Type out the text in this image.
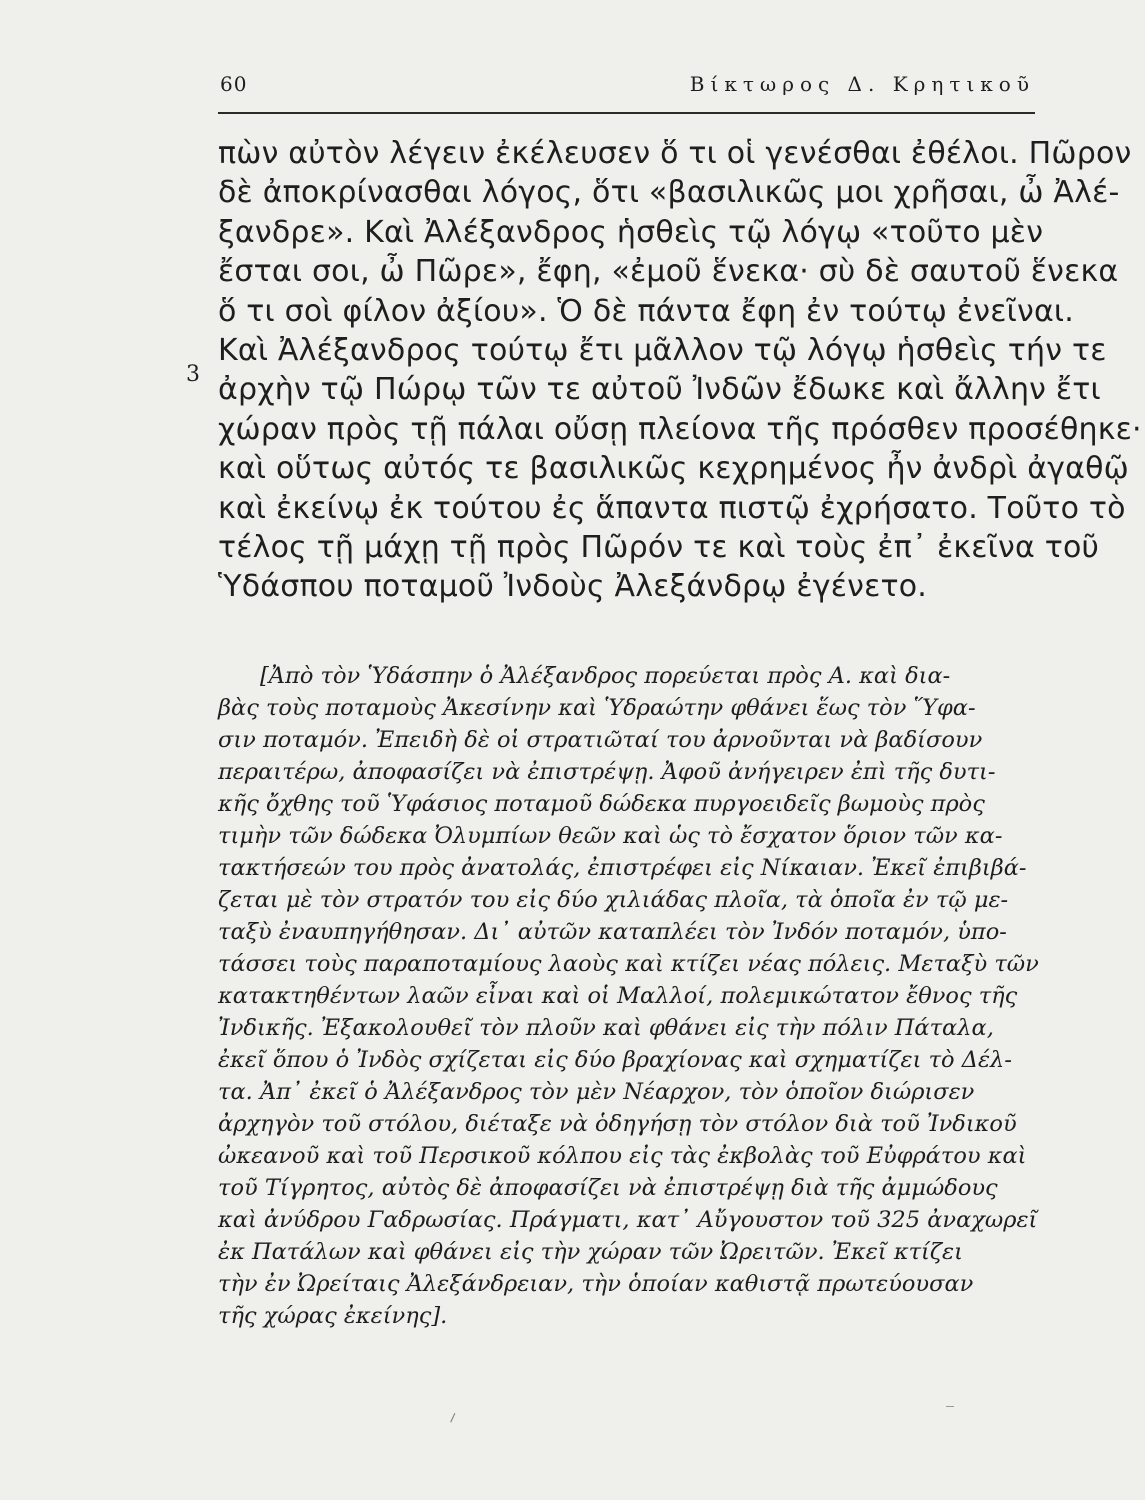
60	Βίκτωρος Δ. Κρητικοῦ
3
πὼν αὐτὸν λέγειν ἐκέλευσεν ὅ τι οἱ γενέσθαι ἐθέλοι. Πῶρον
δὲ ἀποκρίνασθαι λόγος, ὅτι «βασιλικῶς μοι χρῆσαι, ὦ Ἀλέ-
ξανδρε». Καὶ Ἀλέξανδρος ἡσθεὶς τῷ λόγῳ «τοῦτο μὲν
ἔσται σοι, ὦ Πῶρε», ἔφη, «ἐμοῦ ἕνεκα· σὺ δὲ σαυτοῦ ἕνεκα
ὅ τι σοὶ φίλον ἀξίου». Ὁ δὲ πάντα ἔφη ἐν τούτῳ ἐνεῖναι.
Καὶ Ἀλέξανδρος τούτῳ ἔτι μᾶλλον τῷ λόγῳ ἡσθεὶς τήν τε
ἀρχὴν τῷ Πώρῳ τῶν τε αὐτοῦ Ἰνδῶν ἔδωκε καὶ ἄλλην ἔτι
χώραν πρὸς τῇ πάλαι οὔσῃ πλείονα τῆς πρόσθεν προσέθηκε·
καὶ οὕτως αὐτός τε βασιλικῶς κεχρημένος ἦν ἀνδρὶ ἀγαθῷ
καὶ ἐκείνῳ ἐκ τούτου ἐς ἅπαντα πιστῷ ἐχρήσατο. Τοῦτο τὸ
τέλος τῇ μάχῃ τῇ πρὸς Πῶρόν τε καὶ τοὺς ἐπ᾽ ἐκεῖνα τοῦ
Ὑδάσπου ποταμοῦ Ἰνδοὺς Ἀλεξάνδρῳ ἐγένετο.
[Ἀπὸ τὸν Ὑδάσπην ὁ Ἀλέξανδρος πορεύεται πρὸς Α. καὶ δια-
βὰς τοὺς ποταμοὺς Ἀκεσίνην καὶ Ὑδραώτην φθάνει ἕως τὸν Ὕφα-
σιν ποταμόν. Ἐπειδὴ δὲ οἱ στρατιῶταί του ἀρνοῦνται νὰ βαδίσουν
περαιτέρω, ἀποφασίζει νὰ ἐπιστρέψῃ. Ἀφοῦ ἀνήγειρεν ἐπὶ τῆς δυτι-
κῆς ὄχθης τοῦ Ὑφάσιος ποταμοῦ δώδεκα πυργοειδεῖς βωμοὺς πρὸς
τιμὴν τῶν δώδεκα Ὀλυμπίων θεῶν καὶ ὡς τὸ ἔσχατον ὅριον τῶν κα-
τακτήσεών του πρὸς ἀνατολάς, ἐπιστρέφει εἰς Νίκαιαν. Ἐκεῖ ἐπιβιβά-
ζεται μὲ τὸν στρατόν του εἰς δύο χιλιάδας πλοῖα, τὰ ὁποῖα ἐν τῷ με-
ταξὺ ἐναυπηγήθησαν. Δι᾽ αὐτῶν καταπλέει τὸν Ἰνδόν ποταμόν, ὑπο-
τάσσει τοὺς παραποταμίους λαοὺς καὶ κτίζει νέας πόλεις. Μεταξὺ τῶν
κατακτηθέντων λαῶν εἶναι καὶ οἱ Μαλλοί, πολεμικώτατον ἔθνος τῆς
Ἰνδικῆς. Ἐξακολουθεῖ τὸν πλοῦν καὶ φθάνει εἰς τὴν πόλιν Πάταλα,
ἐκεῖ ὅπου ὁ Ἰνδὸς σχίζεται εἰς δύο βραχίονας καὶ σχηματίζει τὸ Δέλ-
τα. Ἀπ᾽ ἐκεῖ ὁ Ἀλέξανδρος τὸν μὲν Νέαρχον, τὸν ὁποῖον διώρισεν
ἀρχηγὸν τοῦ στόλου, διέταξε νὰ ὁδηγήσῃ τὸν στόλον διὰ τοῦ Ἰνδικοῦ
ὠκεανοῦ καὶ τοῦ Περσικοῦ κόλπου εἰς τὰς ἐκβολὰς τοῦ Εὐφράτου καὶ
τοῦ Τίγρητος, αὐτὸς δὲ ἀποφασίζει νὰ ἐπιστρέψῃ διὰ τῆς ἀμμώδους
καὶ ἀνύδρου Γαδρωσίας. Πράγματι, κατ᾽ Αὔγουστον τοῦ 325 ἀναχωρεῖ
ἐκ Πατάλων καὶ φθάνει εἰς τὴν χώραν τῶν Ὠρειτῶν. Ἐκεῖ κτίζει
τὴν ἐν Ὠρείταις Ἀλεξάνδρειαν, τὴν ὁποίαν καθιστᾷ πρωτεύουσαν
τῆς χώρας ἐκείνης].
